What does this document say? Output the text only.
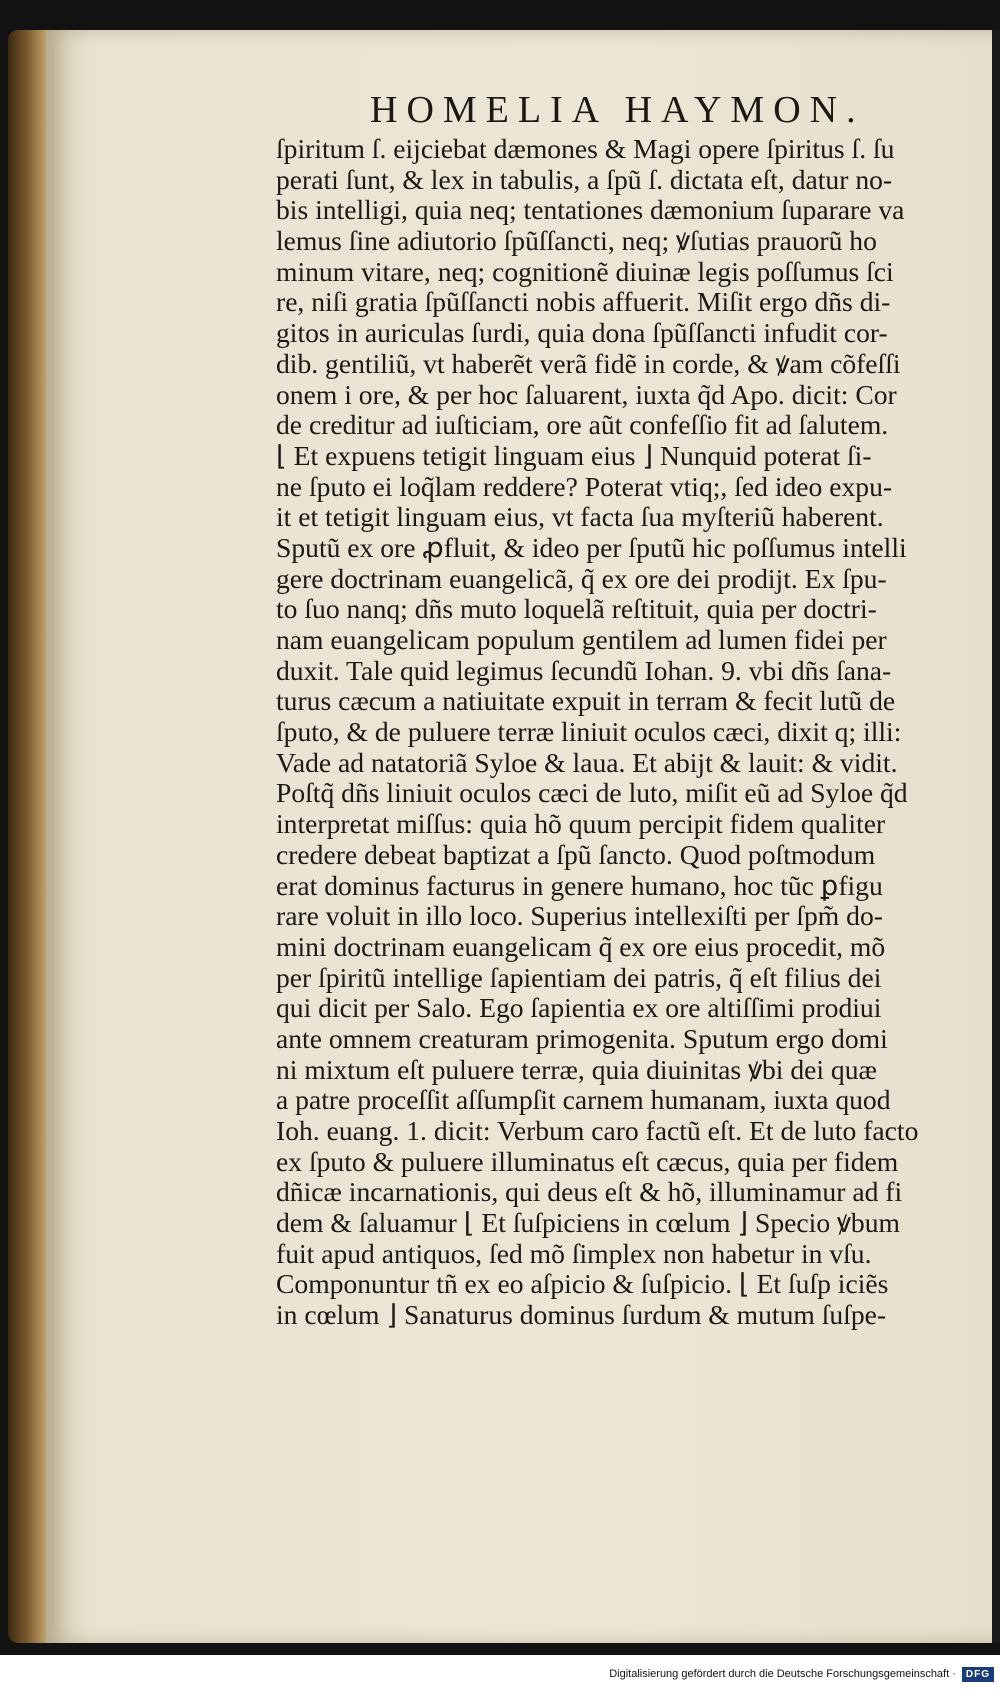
HOMELIA HAYMON.
ſpiritum ſ. eijciebat dæmones & Magi opere ſpiritus ſ. ſu
perati ſunt, & lex in tabulis, a ſpũ ſ. dictata eſt, datur no-
bis intelligi, quia neq; tentationes dæmonium ſuparare va
lemus ſine adiutorio ſpũſſancti, neq; ꝟſutias prauorũ ho
minum vitare, neq; cognitionẽ diuinæ legis poſſumus ſci
re, niſi gratia ſpũſſancti nobis affuerit. Miſit ergo dñs di-
gitos in auriculas ſurdi, quia dona ſpũſſancti infudit cor-
dib. gentiliũ, vt haberẽt verã fidẽ in corde, & ꝟam cõfeſſi
onem i ore, & per hoc ſaluarent, iuxta q̃d Apo. dicit: Cor
de creditur ad iuſticiam, ore aũt confeſſio fit ad ſalutem.
⌊ Et expuens tetigit linguam eius ⌋ Nunquid poterat ſi-
ne ſputo ei loq̃lam reddere? Poterat vtiq;, ſed ideo expu-
it et tetigit linguam eius, vt facta ſua myſteriũ haberent.
Sputũ ex ore ꝓfluit, & ideo per ſputũ hic poſſumus intelli
gere doctrinam euangelicã, q̃ ex ore dei prodijt. Ex ſpu-
to ſuo nanq; dñs muto loquelã reſtituit, quia per doctri-
nam euangelicam populum gentilem ad lumen fidei per
duxit. Tale quid legimus ſecundũ Iohan. 9. vbi dñs ſana-
turus cæcum a natiuitate expuit in terram & fecit lutũ de
ſputo, & de puluere terræ liniuit oculos cæci, dixit q; illi:
Vade ad natatoriã Syloe & laua. Et abijt & lauit: & vidit.
Poſtq̃ dñs liniuit oculos cæci de luto, miſit eũ ad Syloe q̃d
interpretat miſſus: quia hõ quum percipit fidem qualiter
credere debeat baptizat a ſpũ ſancto. Quod poſtmodum
erat dominus facturus in genere humano, hoc tũc ꝑfigu
rare voluit in illo loco. Superius intellexiſti per ſpm̃ do-
mini doctrinam euangelicam q̃ ex ore eius procedit, mõ
per ſpiritũ intellige ſapientiam dei patris, q̃ eſt filius dei
qui dicit per Salo. Ego ſapientia ex ore altiſſimi prodiui
ante omnem creaturam primogenita. Sputum ergo domi
ni mixtum eſt puluere terræ, quia diuinitas ꝟbi dei quæ
a patre proceſſit aſſumpſit carnem humanam, iuxta quod
Ioh. euang. 1. dicit: Verbum caro factũ eſt. Et de luto facto
ex ſputo & puluere illuminatus eſt cæcus, quia per fidem
dñicæ incarnationis, qui deus eſt & hõ, illuminamur ad fi
dem & ſaluamur ⌊ Et ſuſpiciens in cœlum ⌋ Specio ꝟbum
fuit apud antiquos, ſed mõ ſimplex non habetur in vſu.
Componuntur tñ ex eo aſpicio & ſuſpicio. ⌊ Et ſuſp iciẽs
in cœlum ⌋ Sanaturus dominus ſurdum & mutum ſuſpe-
Digitalisierung gefördert durch die Deutsche Forschungsgemeinschaft ·	DFG
